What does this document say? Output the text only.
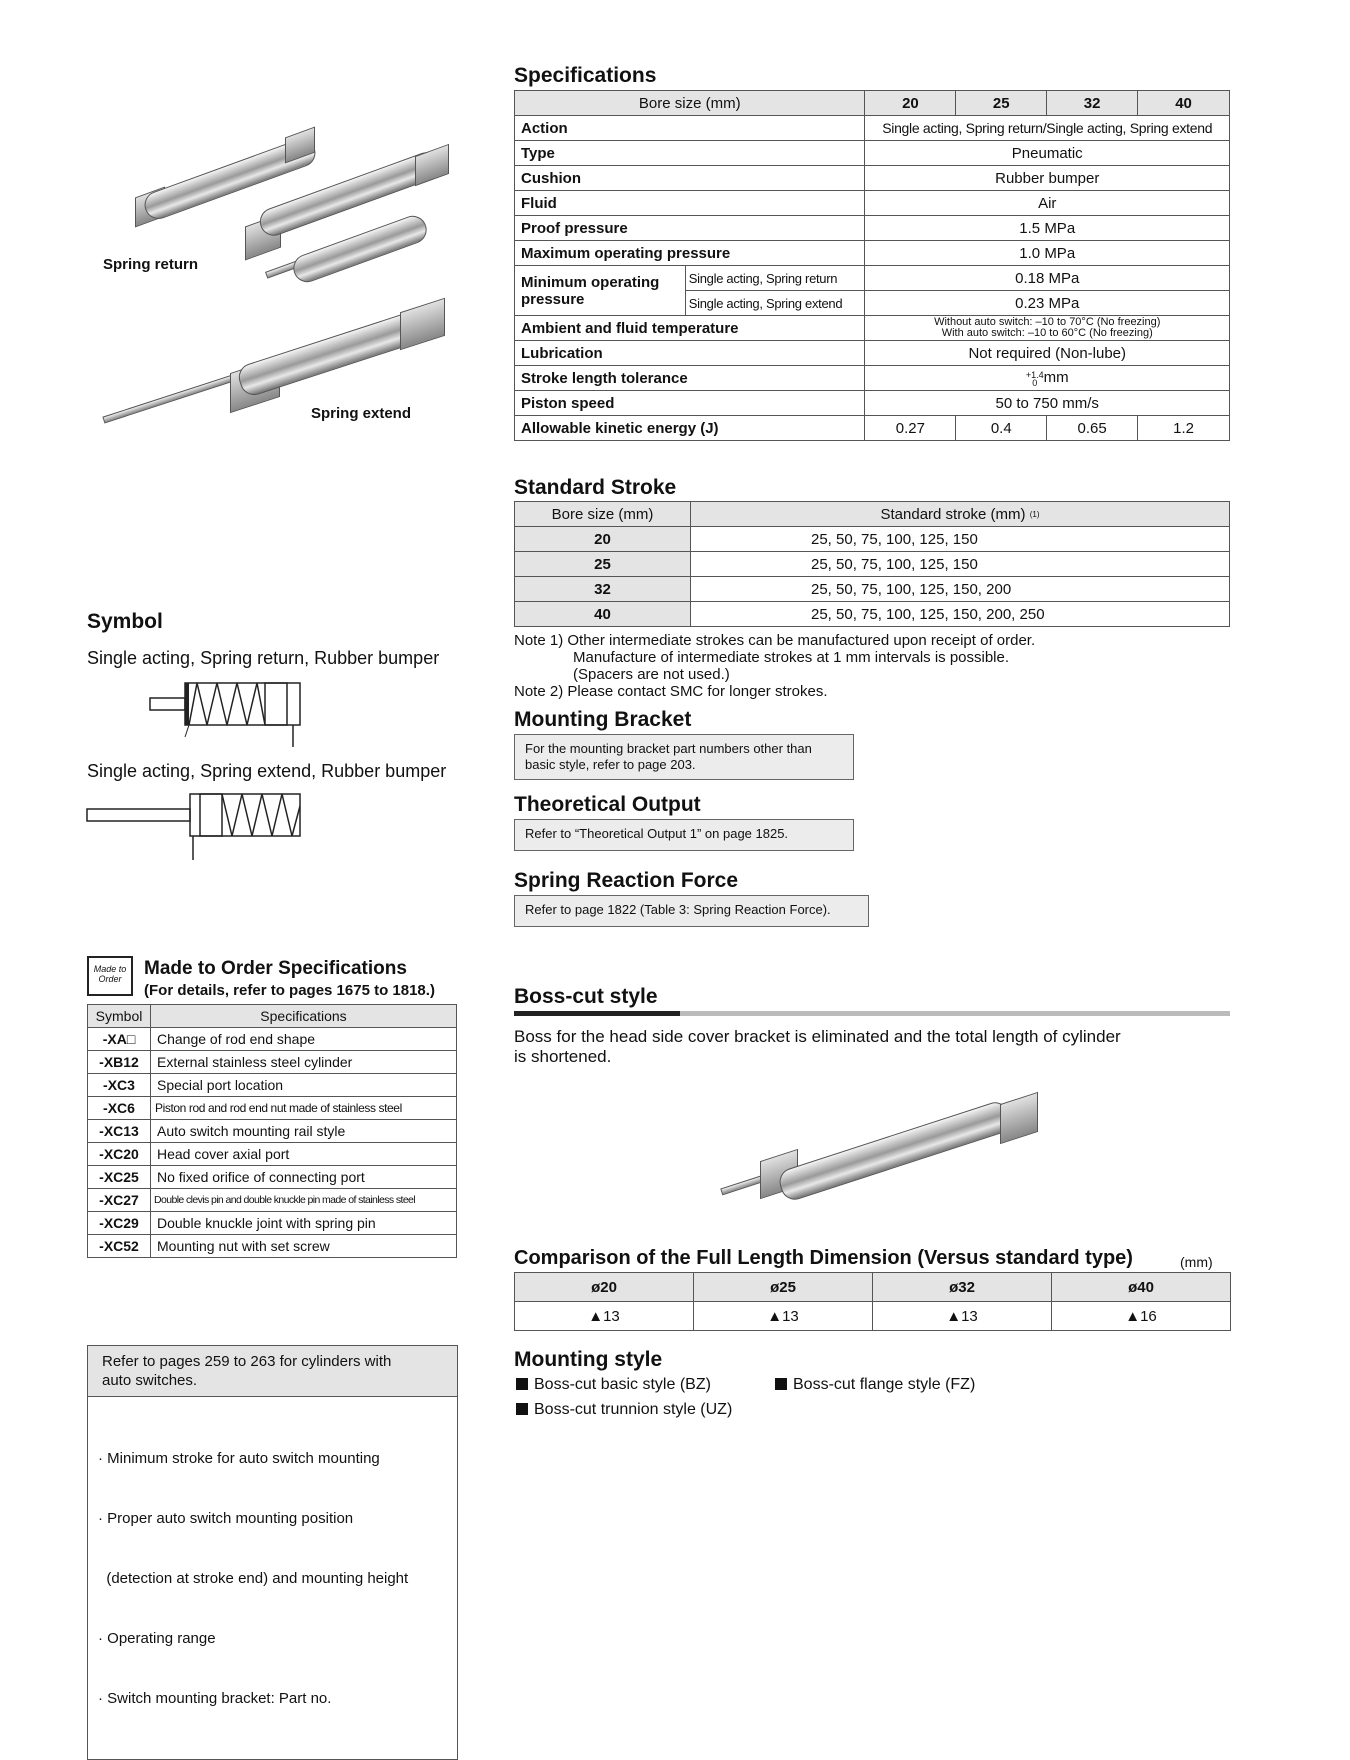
Spring return
Spring extend
Specifications
Bore size (mm)		20	25	32	40
Action		Single acting, Spring return/Single acting, Spring extend			
Type		Pneumatic			
Cushion		Rubber bumper			
Fluid		Air			
Proof pressure		1.5 MPa			
Maximum operating pressure		1.0 MPa			
Minimum operating pressure	Single acting, Spring return	0.18 MPa			
	Single acting, Spring extend	0.23 MPa			
Ambient and fluid temperature		Without auto switch: –10 to 70°C (No freezing)
With auto switch: –10 to 60°C (No freezing)			

Lubrication		Not required (Non-lube)			
Stroke length tolerance		+1.4
0 mm			
Piston speed		50 to 750 mm/s			
Allowable kinetic energy (J)		0.27	0.4	0.65	1.2
Standard Stroke
Bore size (mm)	Standard stroke (mm) (1)
20	25, 50, 75, 100, 125, 150
25	25, 50, 75, 100, 125, 150
32	25, 50, 75, 100, 125, 150, 200
40	25, 50, 75, 100, 125, 150, 200, 250
Note 1) Other intermediate strokes can be manufactured upon receipt of order.
Manufacture of intermediate strokes at 1 mm intervals is possible.
(Spacers are not used.)
Note 2) Please contact SMC for longer strokes.
Mounting Bracket
For the mounting bracket part numbers other than
basic style, refer to page 203.
Theoretical Output
Refer to “Theoretical Output 1” on page 1825.
Spring Reaction Force
Refer to page 1822 (Table 3: Spring Reaction Force).
Symbol
Single acting, Spring return, Rubber bumper
Single acting, Spring extend, Rubber bumper
Made to
Order	Made to Order Specifications
(For details, refer to pages 1675 to 1818.)
Symbol	Specifications
-XA□	Change of rod end shape
-XB12	External stainless steel cylinder
-XC3	Special port location
-XC6	Piston rod and rod end nut made of stainless steel
-XC13	Auto switch mounting rail style
-XC20	Head cover axial port
-XC25	No fixed orifice of connecting port
-XC27	Double clevis pin and double knuckle pin made of stainless steel
-XC29	Double knuckle joint with spring pin
-XC52	Mounting nut with set screw
Refer to pages 259 to 263 for cylinders with
auto switches.

· Minimum stroke for auto switch mounting

· Proper auto switch mounting position

(detection at stroke end) and mounting height

· Operating range

· Switch mounting bracket: Part no.

Boss-cut style
Boss for the head side cover bracket is eliminated and the total length of cylinder
is shortened.
Comparison of the Full Length Dimension (Versus standard type)	(mm)
ø20	ø25	ø32	ø40
▲13	▲13	▲13	▲16
Mounting style
Boss-cut basic style (BZ)	Boss-cut flange style (FZ)
Boss-cut trunnion style (UZ)
